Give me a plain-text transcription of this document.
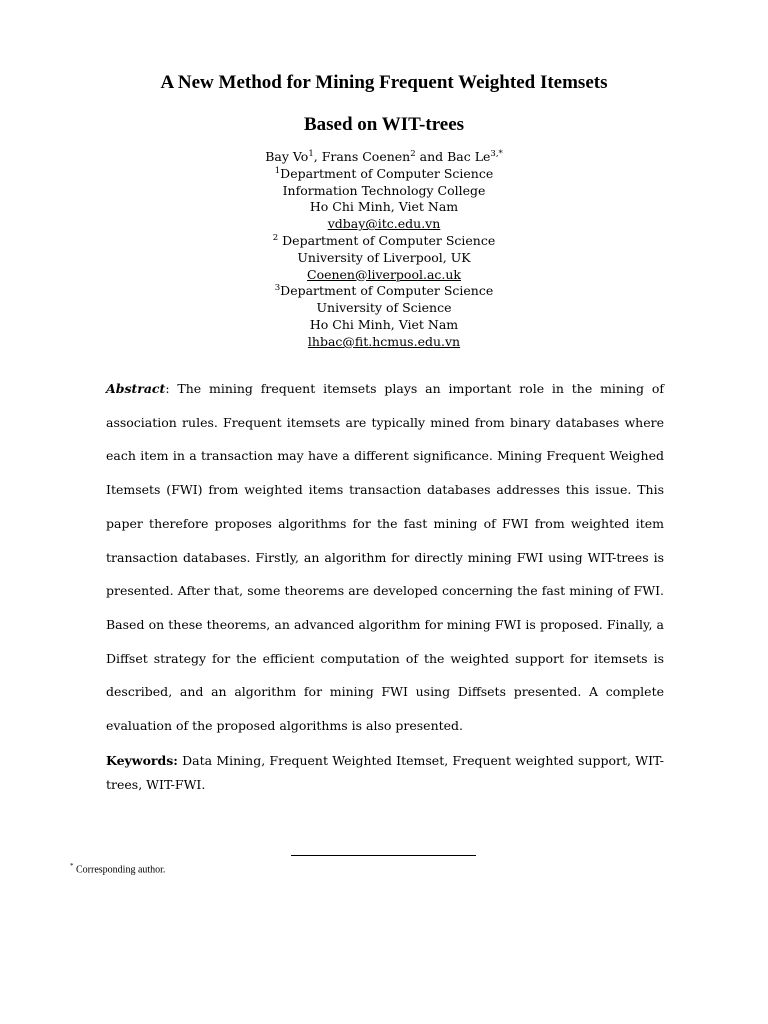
A New Method for Mining Frequent Weighted Itemsets
Based on WIT-trees
Bay Vo$^1$, Frans Coenen$^2$ and Bac $Le^{3,*}$
$^1$Department of Computer Science
Information Technology College
Ho Chi Minh, Viet Nam
vdbay@itc.edu.vn
$^2$ Department of Computer Science
University of Liverpool, UK
Coenen@liverpool.ac.uk
$^3$Department of Computer Science
University of Science
Ho Chi Minh, Viet Nam
lhbac@fit.hcmus.edu.vn

Abstract: The mining frequent itemsets plays an important role in the mining of association rules. Frequent itemsets are typically mined from binary databases where each item in a transaction may have a different significance. Mining Frequent Weighed Itemsets (FWI) from weighted items transaction databases addresses this issue. This paper therefore proposes algorithms for the fast mining of FWI from weighted item transaction databases. Firstly, an algorithm for directly mining FWI using WIT-trees is presented. After that, some theorems are developed concerning the fast mining of FWI. Based on these theorems, an advanced algorithm for mining FWI is proposed. Finally, a Diffset strategy for the efficient computation of the weighted support for itemsets is described, and an algorithm for mining FWI using Diffsets presented. A complete evaluation of the proposed algorithms is also presented.

Keywords: Data Mining, Frequent Weighted Itemset, Frequent weighted support, WIT-trees, WIT-FWI.

* Corresponding author.
